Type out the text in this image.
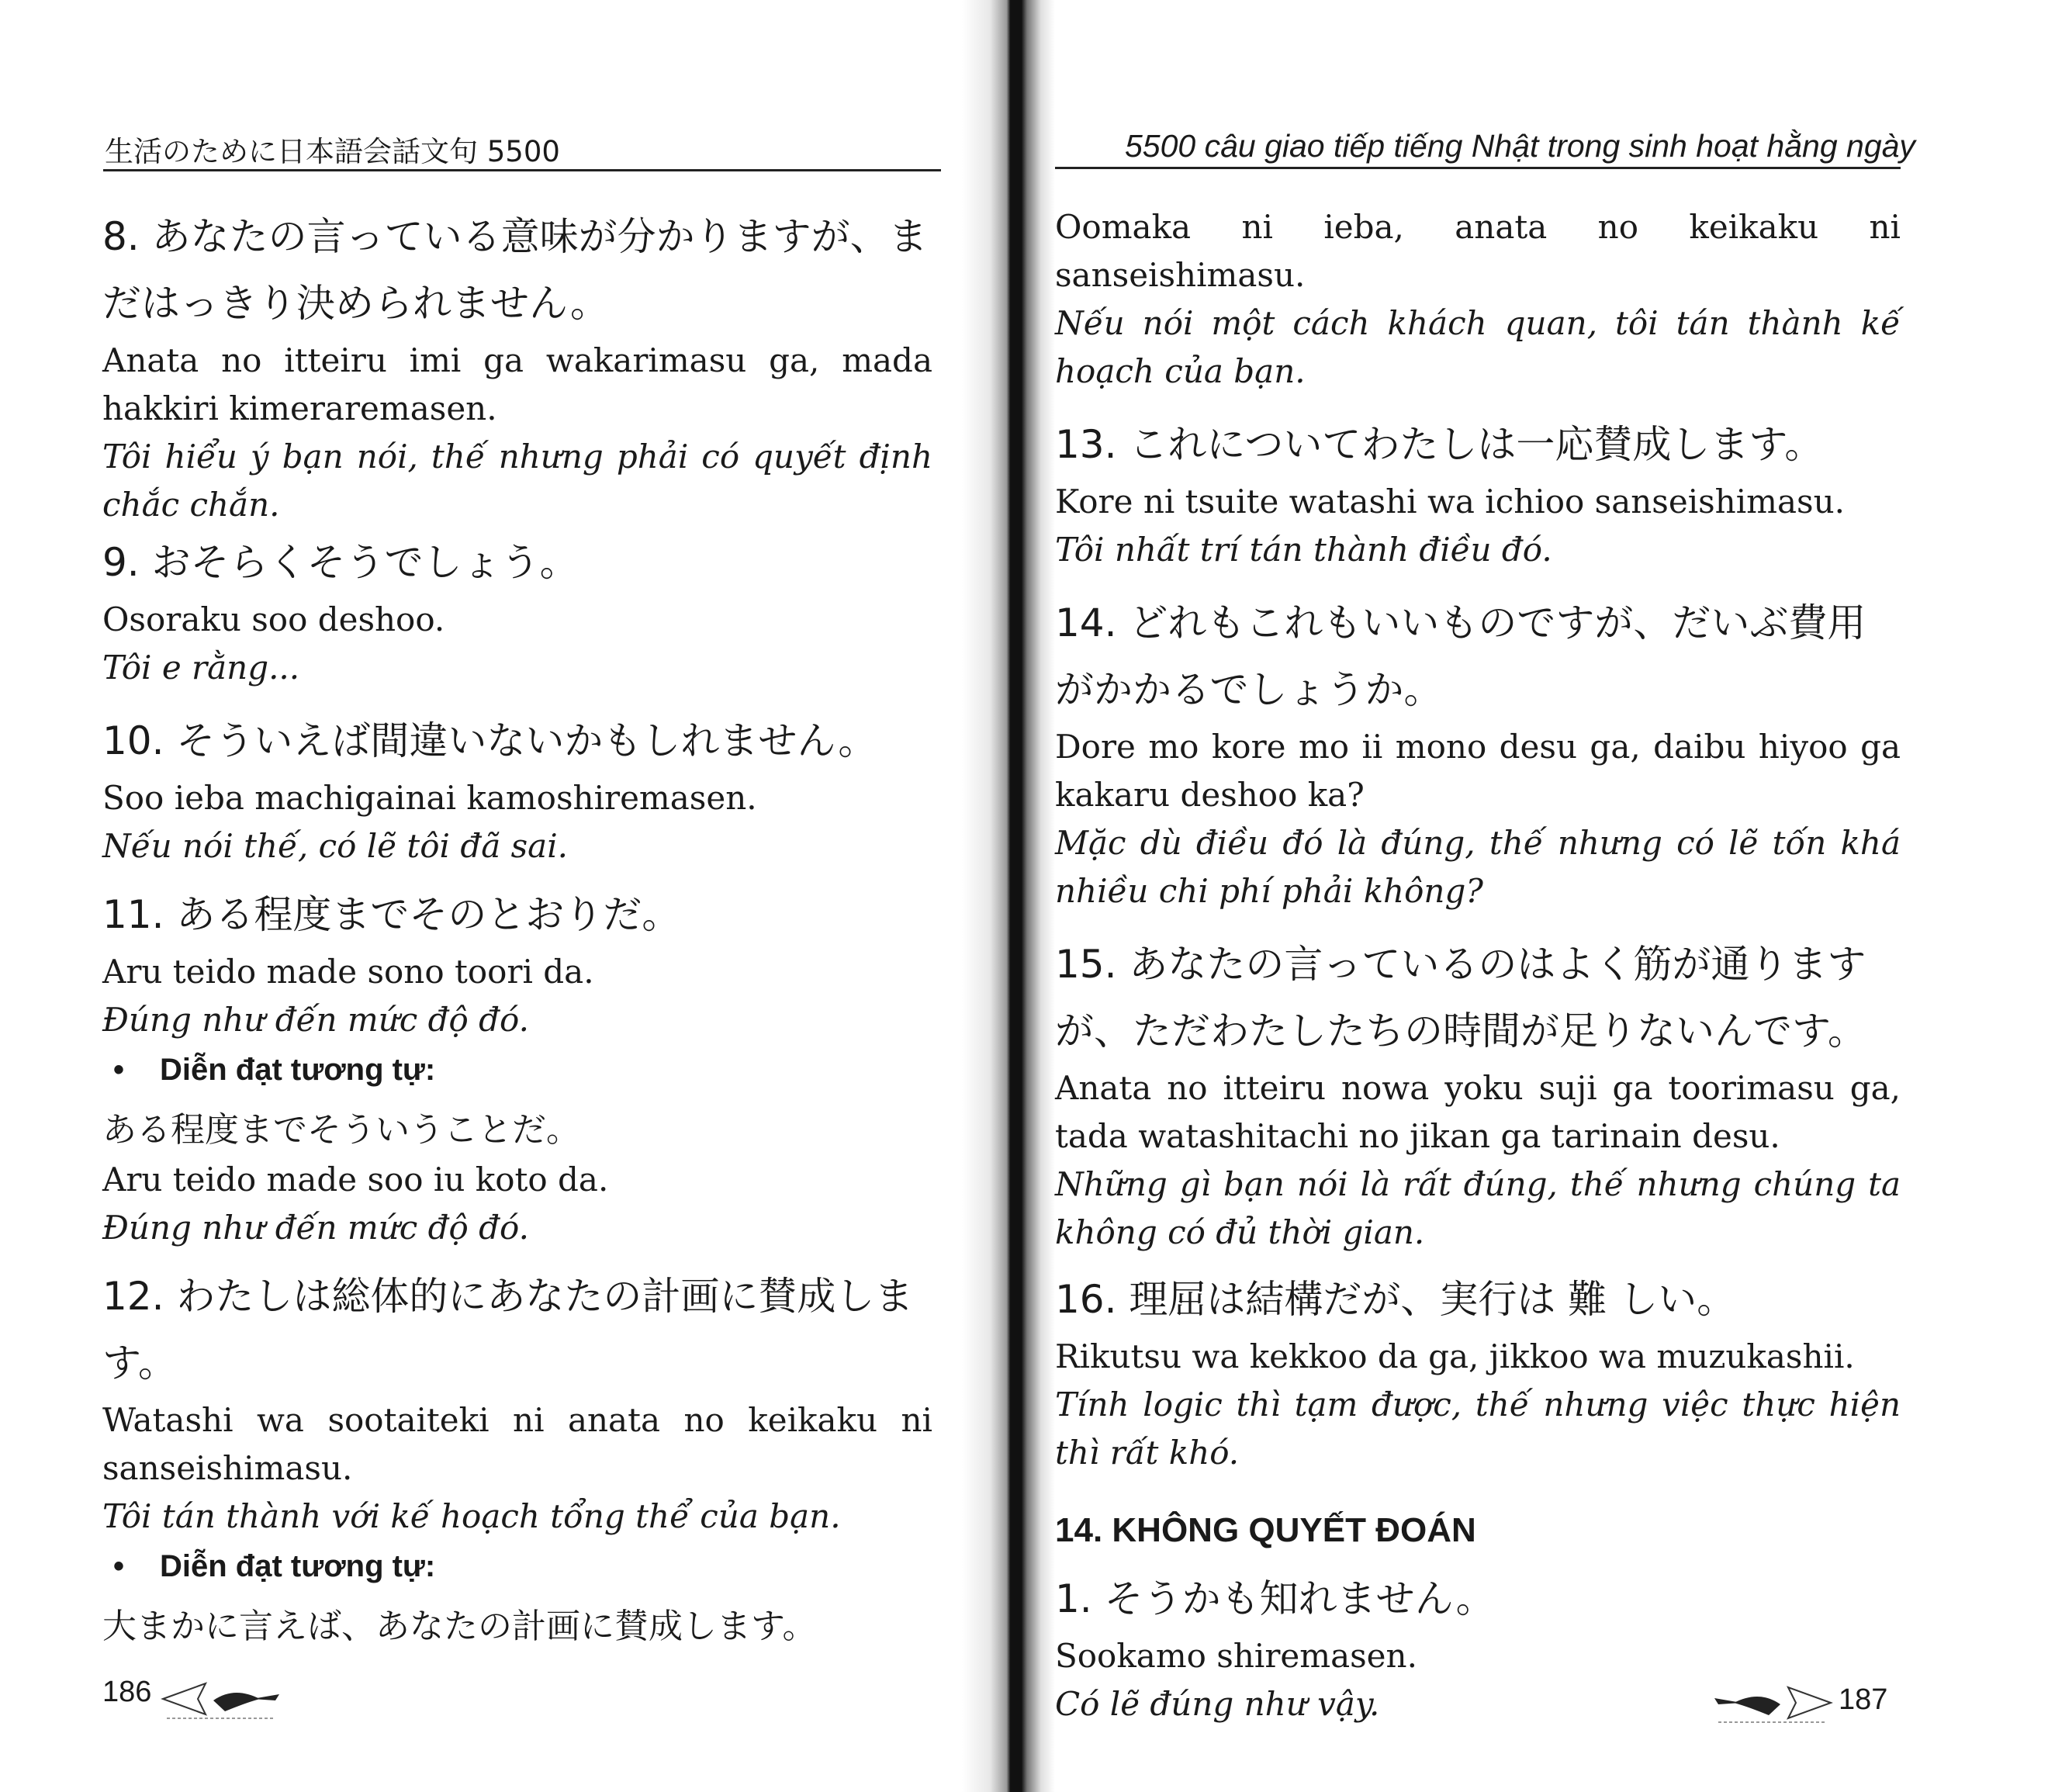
生活のために日本語会話文句 5500

8. あなたの言っている意味が分かりますが、まだはっきり決められません。

Anata no itteiru imi ga wakarimasu ga, mada hakkiri kimeraremasen.

Tôi hiểu ý bạn nói, thế nhưng phải có quyết định chắc chắn.

9. おそらくそうでしょう。

Osoraku soo deshoo.

Tôi e rằng...

10. そういえば間違いないかもしれません。

Soo ieba machigainai kamoshiremasen.

Nếu nói thế, có lẽ tôi đã sai.

11. ある程度までそのとおりだ。

Aru teido made sono toori da.

Đúng như đến mức độ đó.

• Diễn đạt tương tự:

ある程度までそういうことだ。

Aru teido made soo iu koto da.

Đúng như đến mức độ đó.

12. わたしは総体的にあなたの計画に賛成します。

Watashi wa sootaiteki ni anata no keikaku ni sanseishimasu.

Tôi tán thành với kế hoạch tổng thể của bạn.

• Diễn đạt tương tự:

大まかに言えば、あなたの計画に賛成します。

186
5500 câu giao tiếp tiếng Nhật trong sinh hoạt hằng ngày

Oomaka ni ieba, anata no keikaku ni sanseishimasu.

Nếu nói một cách khách quan, tôi tán thành kế hoạch của bạn.

13. これについてわたしは一応賛成します。

Kore ni tsuite watashi wa ichioo sanseishimasu.

Tôi nhất trí tán thành điều đó.

14. どれもこれもいいものですが、だいぶ費用がかかるでしょうか。

Dore mo kore mo ii mono desu ga, daibu hiyoo ga kakaru deshoo ka?

Mặc dù điều đó là đúng, thế nhưng có lẽ tốn khá nhiều chi phí phải không?

15. あなたの言っているのはよく筋が通りますが、ただわたしたちの時間が足りないんです。

Anata no itteiru nowa yoku suji ga toorimasu ga, tada watashitachi no jikan ga tarinain desu.

Những gì bạn nói là rất đúng, thế nhưng chúng ta không có đủ thời gian.

16. 理屈は結構だが、実行は 難 しい。

Rikutsu wa kekkoo da ga, jikkoo wa muzukashii.

Tính logic thì tạm được, thế nhưng việc thực hiện thì rất khó.

14. KHÔNG QUYẾT ĐOÁN

1. そうかも知れません。

Sookamo shiremasen.

Có lẽ đúng như vậy.	187
